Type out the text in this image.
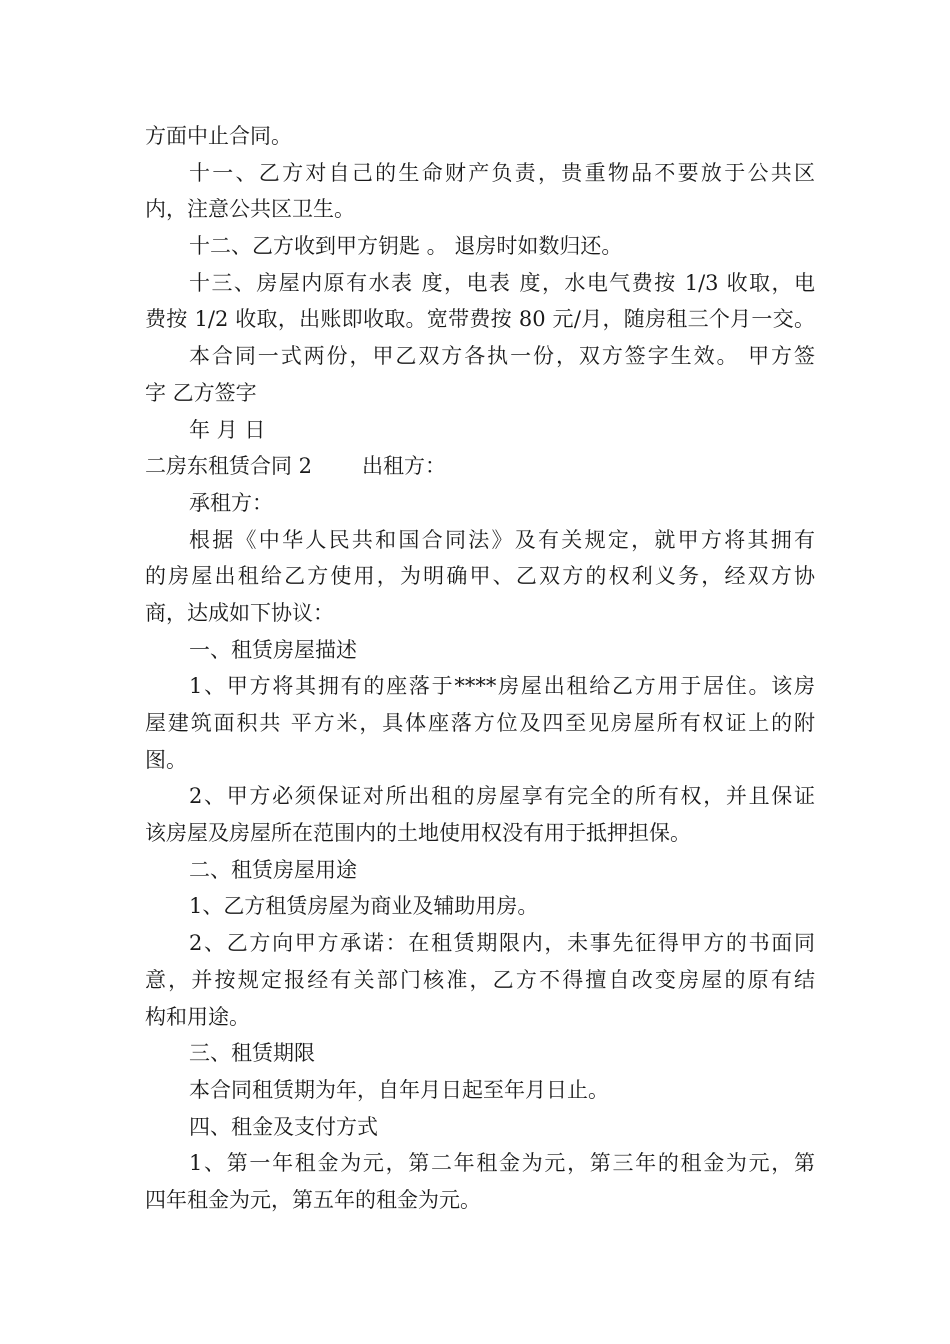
方面中止合同。
十一、乙方对自己的生命财产负责，贵重物品不要放于公共区
内，注意公共区卫生。
十二、乙方收到甲方钥匙 。 退房时如数归还。
十三、房屋内原有水表 度，电表 度，水电气费按 1/3 收取，电
费按 1/2 收取，出账即收取。宽带费按 80 元/月，随房租三个月一交。
本合同一式两份，甲乙双方各执一份，双方签字生效。 甲方签
字 乙方签字
年 月 日
二房东租赁合同 2	出租方：
承租方：
根据《中华人民共和国合同法》及有关规定，就甲方将其拥有
的房屋出租给乙方使用，为明确甲、乙双方的权利义务，经双方协
商，达成如下协议：
一、租赁房屋描述
1、甲方将其拥有的座落于****房屋出租给乙方用于居住。该房
屋建筑面积共 平方米，具体座落方位及四至见房屋所有权证上的附
图。
2、甲方必须保证对所出租的房屋享有完全的所有权，并且保证
该房屋及房屋所在范围内的土地使用权没有用于抵押担保。
二、租赁房屋用途
1、乙方租赁房屋为商业及辅助用房。
2、乙方向甲方承诺：在租赁期限内，未事先征得甲方的书面同
意，并按规定报经有关部门核准，乙方不得擅自改变房屋的原有结
构和用途。
三、租赁期限
本合同租赁期为年，自年月日起至年月日止。
四、租金及支付方式
1、第一年租金为元，第二年租金为元，第三年的租金为元，第
四年租金为元，第五年的租金为元。
